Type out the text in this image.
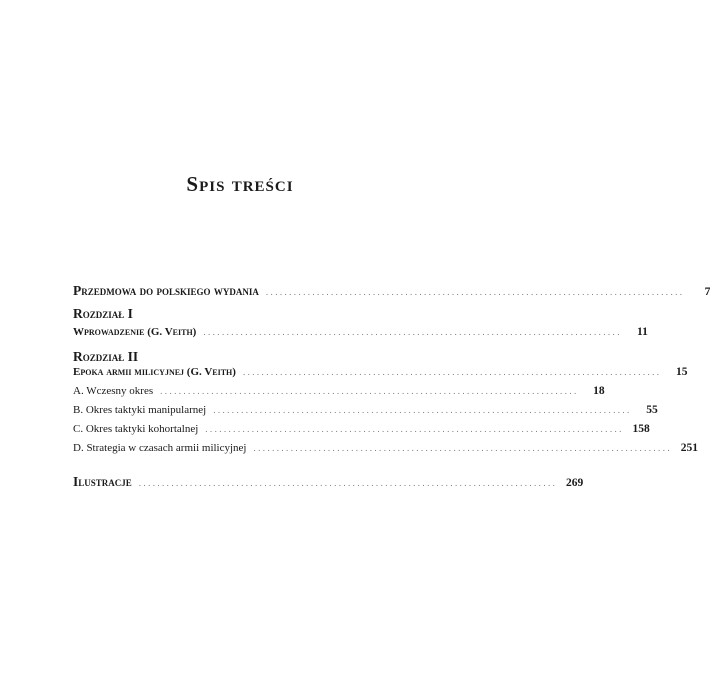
Spis treści
Przedmowa do polskiego wydania ..........................................................................................	7
Rozdział I
Wprowadzenie (G. Veith) ..........................................................................................	11
Rozdział II
Epoka armii milicyjnej (G. Veith) ..........................................................................................	15
A. Wczesny okres ..........................................................................................	18
B. Okres taktyki manipularnej ..........................................................................................	55
C. Okres taktyki kohortalnej .......................................................................................... 158
D. Strategia w czasach armii milicyjnej .......................................................................................... 251
Ilustracje .......................................................................................... 269
